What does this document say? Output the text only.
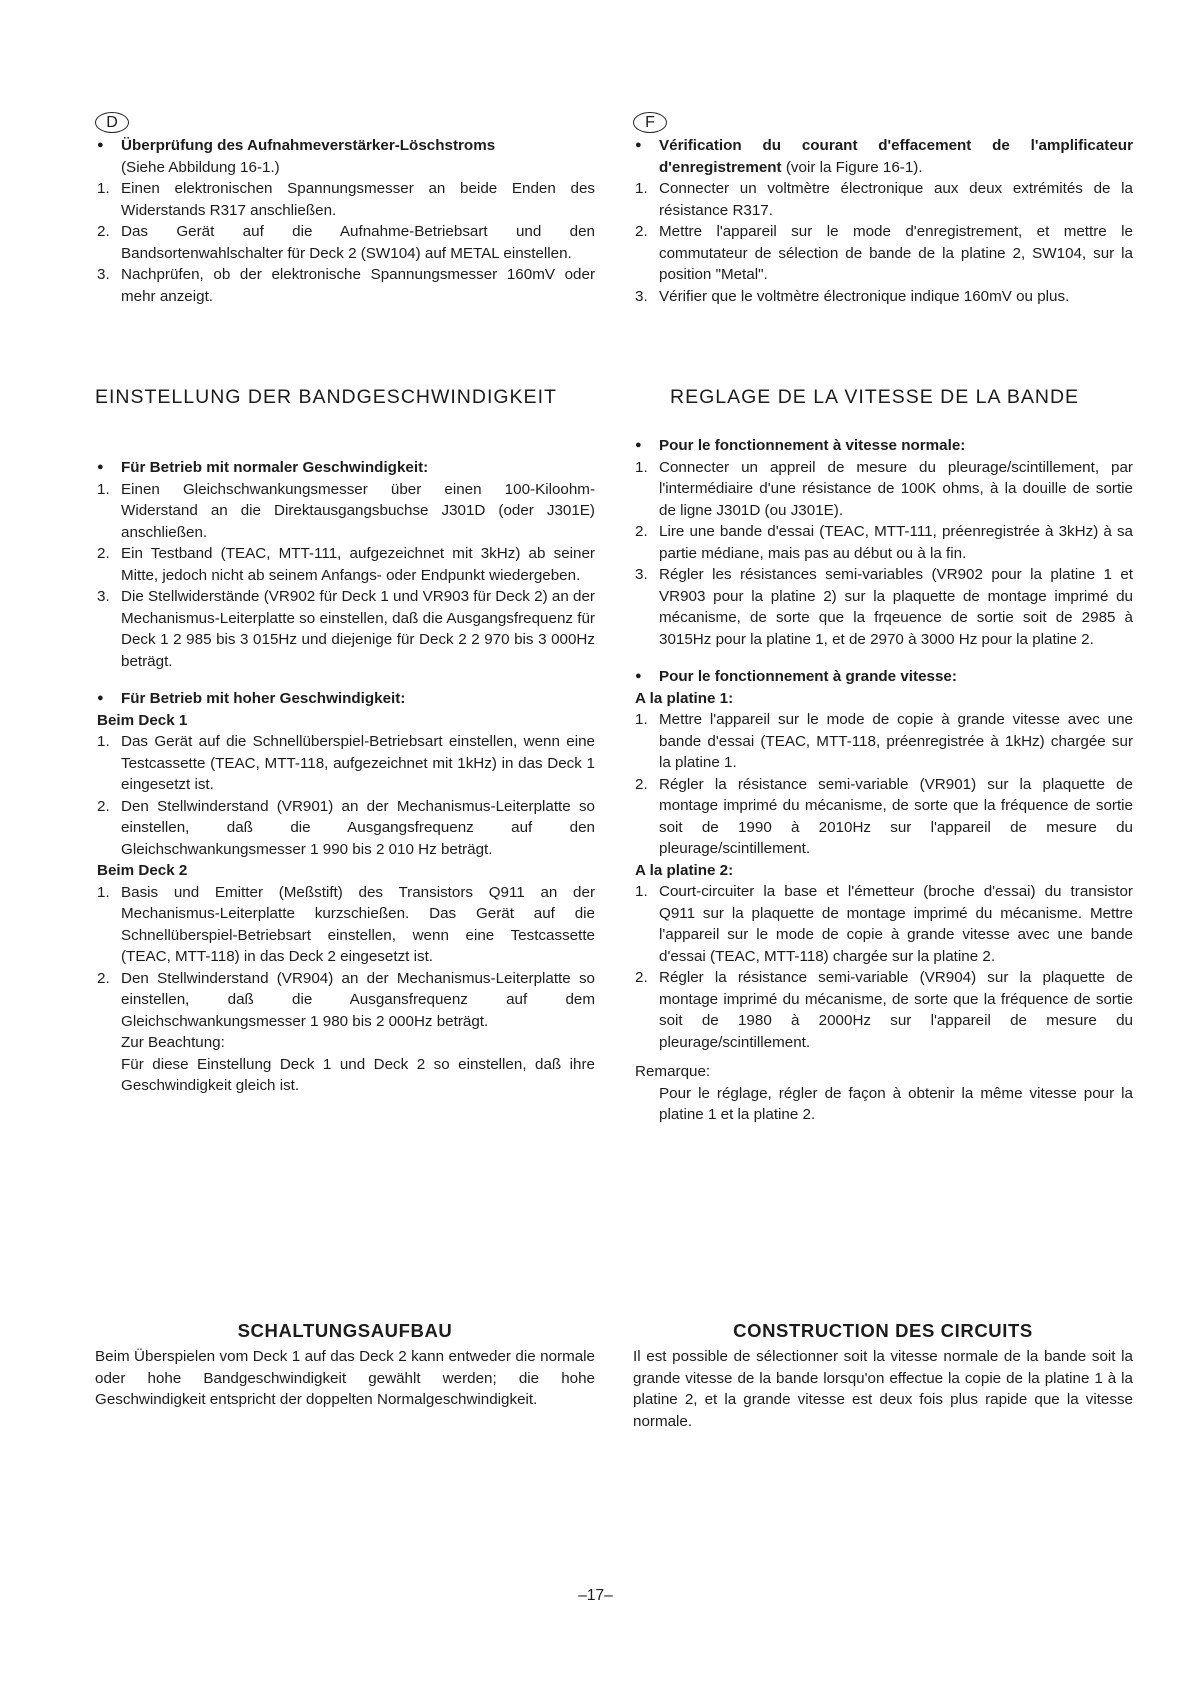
D

● Überprüfung des Aufnahmeverstärker-Löschstroms

(Siehe Abbildung 16-1.)

1. Einen elektronischen Spannungsmesser an beide Enden des Widerstands R317 anschließen.

2. Das Gerät auf die Aufnahme-Betriebsart und den Bandsortenwahlschalter für Deck 2 (SW104) auf METAL einstellen.

3. Nachprüfen, ob der elektronische Spannungsmesser 160mV oder mehr anzeigt.

F

● Vérification du courant d'effacement de l'amplificateur d'enregistrement (voir la Figure 16-1).

1. Connecter un voltmètre électronique aux deux extrémités de la résistance R317.

2. Mettre l'appareil sur le mode d'enregistrement, et mettre le commutateur de sélection de bande de la platine 2, SW104, sur la position "Metal".

3. Vérifier que le voltmètre électronique indique 160mV ou plus.

EINSTELLUNG DER BANDGESCHWINDIGKEIT	REGLAGE DE LA VITESSE DE LA BANDE

● Für Betrieb mit normaler Geschwindigkeit:

1. Einen Gleichschwankungsmesser über einen 100-Kiloohm-Widerstand an die Direktausgangsbuchse J301D (oder J301E) anschließen.

2. Ein Testband (TEAC, MTT-111, aufgezeichnet mit 3kHz) ab seiner Mitte, jedoch nicht ab seinem Anfangs- oder Endpunkt wiedergeben.

3. Die Stellwiderstände (VR902 für Deck 1 und VR903 für Deck 2) an der Mechanismus-Leiterplatte so einstellen, daß die Ausgangsfrequenz für Deck 1 2 985 bis 3 015Hz und diejenige für Deck 2 2 970 bis 3 000Hz beträgt.

● Für Betrieb mit hoher Geschwindigkeit:

Beim Deck 1

1. Das Gerät auf die Schnellüberspiel-Betriebsart einstellen, wenn eine Testcassette (TEAC, MTT-118, aufgezeichnet mit 1kHz) in das Deck 1 eingesetzt ist.

2. Den Stellwinderstand (VR901) an der Mechanismus-Leiterplatte so einstellen, daß die Ausgangsfrequenz auf den Gleichschwankungsmesser 1 990 bis 2 010 Hz beträgt.

Beim Deck 2

1. Basis und Emitter (Meßstift) des Transistors Q911 an der Mechanismus-Leiterplatte kurzschießen. Das Gerät auf die Schnellüberspiel-Betriebsart einstellen, wenn eine Testcassette (TEAC, MTT-118) in das Deck 2 eingesetzt ist.

2. Den Stellwinderstand (VR904) an der Mechanismus-Leiterplatte so einstellen, daß die Ausgansfrequenz auf dem Gleichschwankungsmesser 1 980 bis 2 000Hz beträgt.

Zur Beachtung:

Für diese Einstellung Deck 1 und Deck 2 so einstellen, daß ihre Geschwindigkeit gleich ist.

● Pour le fonctionnement à vitesse normale:

1. Connecter un appreil de mesure du pleurage/scintillement, par l'intermédiaire d'une résistance de 100K ohms, à la douille de sortie de ligne J301D (ou J301E).

2. Lire une bande d'essai (TEAC, MTT-111, préenregistrée à 3kHz) à sa partie médiane, mais pas au début ou à la fin.

3. Régler les résistances semi-variables (VR902 pour la platine 1 et VR903 pour la platine 2) sur la plaquette de montage imprimé du mécanisme, de sorte que la frqeuence de sortie soit de 2985 à 3015Hz pour la platine 1, et de 2970 à 3000 Hz pour la platine 2.

● Pour le fonctionnement à grande vitesse:

A la platine 1:

1. Mettre l'appareil sur le mode de copie à grande vitesse avec une bande d'essai (TEAC, MTT-118, préenregistrée à 1kHz) chargée sur la platine 1.

2. Régler la résistance semi-variable (VR901) sur la plaquette de montage imprimé du mécanisme, de sorte que la fréquence de sortie soit de 1990 à 2010Hz sur l'appareil de mesure du pleurage/scintillement.

A la platine 2:

1. Court-circuiter la base et l'émetteur (broche d'essai) du transistor Q911 sur la plaquette de montage imprimé du mécanisme. Mettre l'appareil sur le mode de copie à grande vitesse avec une bande d'essai (TEAC, MTT-118) chargée sur la platine 2.

2. Régler la résistance semi-variable (VR904) sur la plaquette de montage imprimé du mécanisme, de sorte que la fréquence de sortie soit de 1980 à 2000Hz sur l'appareil de mesure du pleurage/scintillement.

Remarque:

Pour le réglage, régler de façon à obtenir la même vitesse pour la platine 1 et la platine 2.

SCHALTUNGSAUFBAU

Beim Überspielen vom Deck 1 auf das Deck 2 kann entweder die normale oder hohe Bandgeschwindigkeit gewählt werden; die hohe Geschwindigkeit entspricht der doppelten Normalgeschwindigkeit.

CONSTRUCTION DES CIRCUITS

Il est possible de sélectionner soit la vitesse normale de la bande soit la grande vitesse de la bande lorsqu'on effectue la copie de la platine 1 à la platine 2, et la grande vitesse est deux fois plus rapide que la vitesse normale.

–17–
